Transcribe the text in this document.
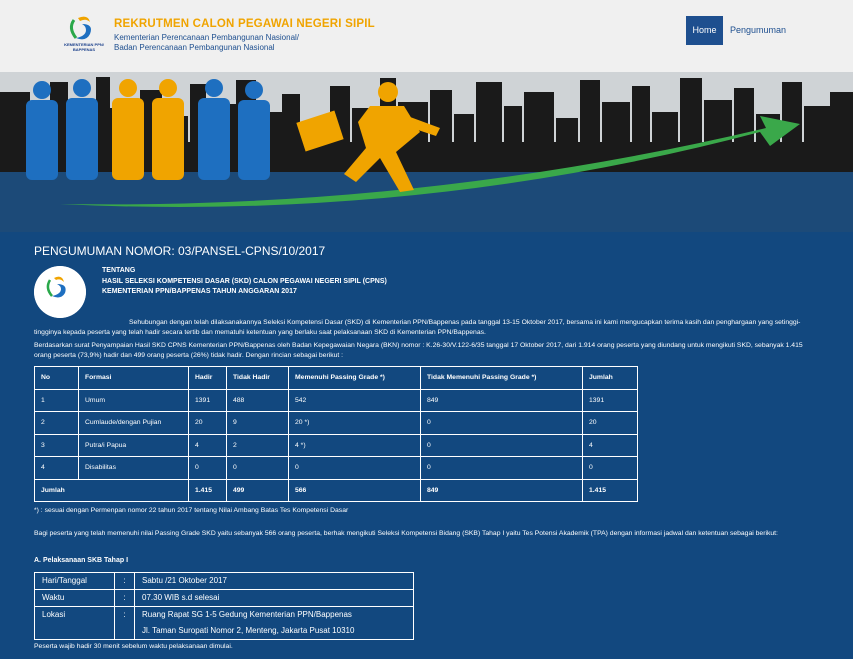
KEMENTERIAN PPN/ BAPPENAS
REKRUTMEN CALON PEGAWAI NEGERI SIPIL
Kementerian Perencanaan Pembangunan Nasional/
Badan Perencanaan Pembangunan Nasional
Home	Pengumuman
PENGUMUMAN NOMOR: 03/PANSEL-CPNS/10/2017
TENTANG
HASIL SELEKSI KOMPETENSI DASAR (SKD) CALON PEGAWAI NEGERI SIPIL (CPNS)
KEMENTERIAN PPN/BAPPENAS TAHUN ANGGARAN 2017
Sehubungan dengan telah dilaksanakannya Seleksi Kompetensi Dasar (SKD) di Kementerian PPN/Bappenas pada tanggal 13-15 Oktober 2017, bersama ini kami mengucapkan terima kasih dan penghargaan yang setinggi-tingginya kepada peserta yang telah hadir secara tertib dan mematuhi ketentuan yang berlaku saat pelaksanaan SKD di Kementerian PPN/Bappenas.
Berdasarkan surat Penyampaian Hasil SKD CPNS Kementerian PPN/Bappenas oleh Badan Kepegawaian Negara (BKN) nomor : K.26-30/V.122-6/35 tanggal 17 Oktober 2017, dari 1.914 orang peserta yang diundang untuk mengikuti SKD, sebanyak 1.415 orang peserta (73,9%) hadir dan 499 orang peserta (26%) tidak hadir. Dengan rincian sebagai berikut :
No	Formasi	Hadir	Tidak Hadir	Memenuhi Passing Grade *)	Tidak Memenuhi Passing Grade *)	Jumlah
1	Umum	1391	488	542	849	1391
2	Cumlaude/dengan Pujian	20	9	20 *)	0	20
3	Putra/i Papua	4	2	4 *)	0	4
4	Disabilitas	0	0	0	0	0
Jumlah		1.415	499	566	849	1.415
*) : sesuai dengan Permenpan nomor 22 tahun 2017 tentang Nilai Ambang Batas Tes Kompetensi Dasar
Bagi peserta yang telah memenuhi nilai Passing Grade SKD yaitu sebanyak 566 orang peserta, berhak mengikuti Seleksi Kompetensi Bidang (SKB) Tahap I yaitu Tes Potensi Akademik (TPA) dengan informasi jadwal dan ketentuan sebagai berikut:
A. Pelaksanaan SKB Tahap I
Hari/Tanggal	:	Sabtu /21 Oktober 2017
Waktu	:	07.30 WIB s.d selesai
Lokasi	:	Ruang Rapat SG 1-5 Gedung Kementerian PPN/Bappenas
Jl. Taman Suropati Nomor 2, Menteng, Jakarta Pusat 10310
Peserta wajib hadir 30 menit sebelum waktu pelaksanaan dimulai.
